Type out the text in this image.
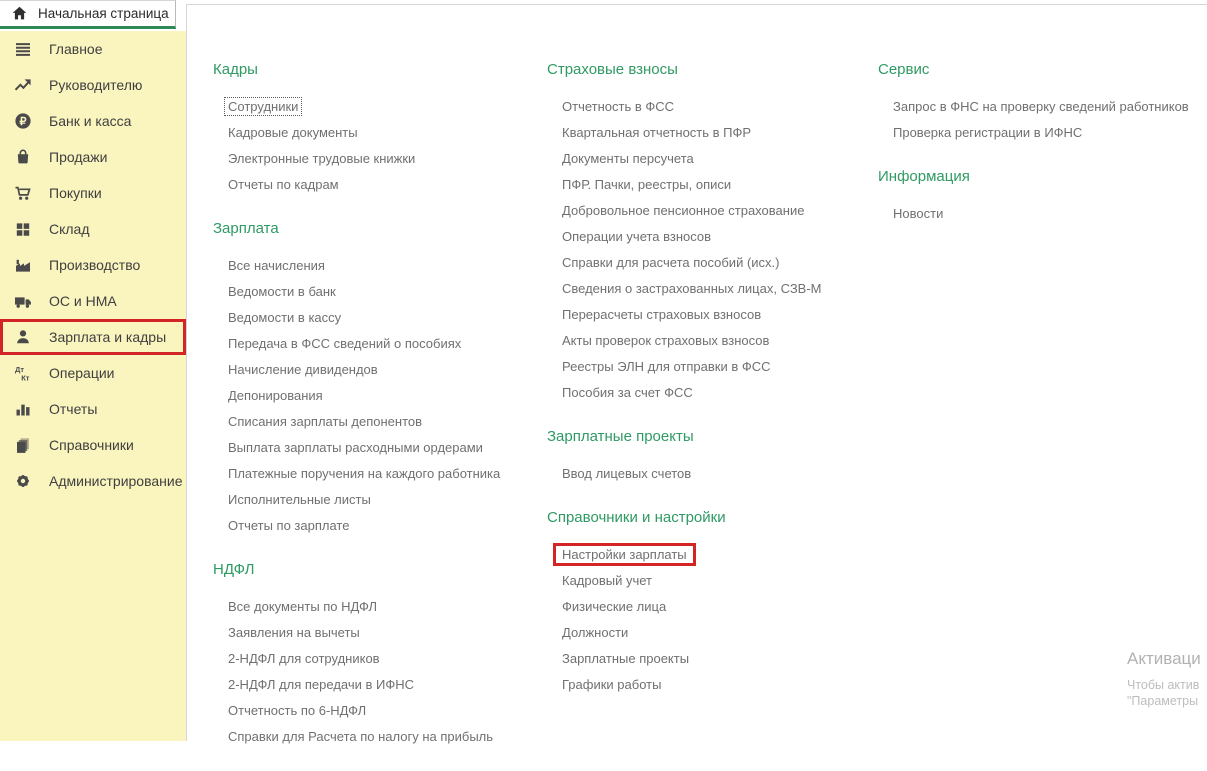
Начальная страница
Главное
Руководителю
₽ Банк и касса
Продажи
Покупки
Склад
Производство
ОС и НМА
Зарплата и кадры
Дт
Кт Операции
Отчеты
Справочники
Администрирование
Кадры
Сотрудники
Кадровые документы
Электронные трудовые книжки
Отчеты по кадрам
Зарплата
Все начисления
Ведомости в банк
Ведомости в кассу
Передача в ФСС сведений о пособиях
Начисление дивидендов
Депонирования
Списания зарплаты депонентов
Выплата зарплаты расходными ордерами
Платежные поручения на каждого работника
Исполнительные листы
Отчеты по зарплате
НДФЛ
Все документы по НДФЛ
Заявления на вычеты
2-НДФЛ для сотрудников
2-НДФЛ для передачи в ИФНС
Отчетность по 6-НДФЛ
Справки для Расчета по налогу на прибыль
Страховые взносы
Отчетность в ФСС
Квартальная отчетность в ПФР
Документы персучета
ПФР. Пачки, реестры, описи
Добровольное пенсионное страхование
Операции учета взносов
Справки для расчета пособий (исх.)
Сведения о застрахованных лицах, СЗВ-М
Перерасчеты страховых взносов
Акты проверок страховых взносов
Реестры ЭЛН для отправки в ФСС
Пособия за счет ФСС
Зарплатные проекты
Ввод лицевых счетов
Справочники и настройки
Настройки зарплаты
Кадровый учет
Физические лица
Должности
Зарплатные проекты
Графики работы
Сервис
Запрос в ФНС на проверку сведений работников
Проверка регистрации в ИФНС
Информация
Новости
Активаци
Чтобы актив
"Параметры
